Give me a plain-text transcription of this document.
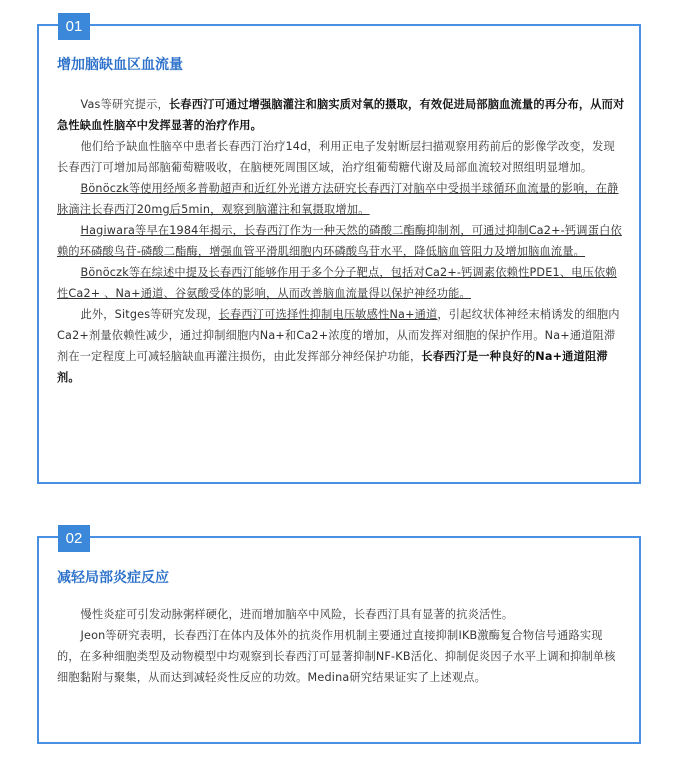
01
增加脑缺血区血流量

Vas等研究提示，长春西汀可通过增强脑灌注和脑实质对氧的摄取，有效促进局部脑血流量的再分布，从而对急性缺血性脑卒中发挥显著的治疗作用。

他们给予缺血性脑卒中患者长春西汀治疗14d，利用正电子发射断层扫描观察用药前后的影像学改变，发现长春西汀可增加局部脑葡萄糖吸收，在脑梗死周围区域，治疗组葡萄糖代谢及局部血流较对照组明显增加。

Bönöczk等使用经颅多普勒超声和近红外光谱方法研究长春西汀对脑卒中受损半球循环血流量的影响，在静脉滴注长春西汀20mg后5min，观察到脑灌注和氧摄取增加。

Hagiwara等早在1984年揭示，长春西汀作为一种天然的磷酸二酯酶抑制剂，可通过抑制Ca2+-钙调蛋白依赖的环磷酸鸟苷-磷酸二酯酶，增强血管平滑肌细胞内环磷酸鸟苷水平，降低脑血管阻力及增加脑血流量。

Bönöczk等在综述中提及长春西汀能够作用于多个分子靶点，包括对Ca2+-钙调素依赖性PDE1、电压依赖性Ca2+ 、Na+通道、谷氨酸受体的影响，从而改善脑血流量得以保护神经功能。

此外，Sitges等研究发现，长春西汀可选择性抑制电压敏感性Na+通道，引起纹状体神经末梢诱发的细胞内Ca2+剂量依赖性减少，通过抑制细胞内Na+和Ca2+浓度的增加，从而发挥对细胞的保护作用。Na+通道阻滞剂在一定程度上可减轻脑缺血再灌注损伤，由此发挥部分神经保护功能，长春西汀是一种良好的Na+通道阻滞剂。

02
减轻局部炎症反应

慢性炎症可引发动脉粥样硬化，进而增加脑卒中风险，长春西汀具有显著的抗炎活性。

Jeon等研究表明，长春西汀在体内及体外的抗炎作用机制主要通过直接抑制IKB激酶复合物信号通路实现的，在多种细胞类型及动物模型中均观察到长春西汀可显著抑制NF-KB活化、抑制促炎因子水平上调和抑制单核细胞黏附与聚集，从而达到减轻炎性反应的功效。Medina研究结果证实了上述观点。
